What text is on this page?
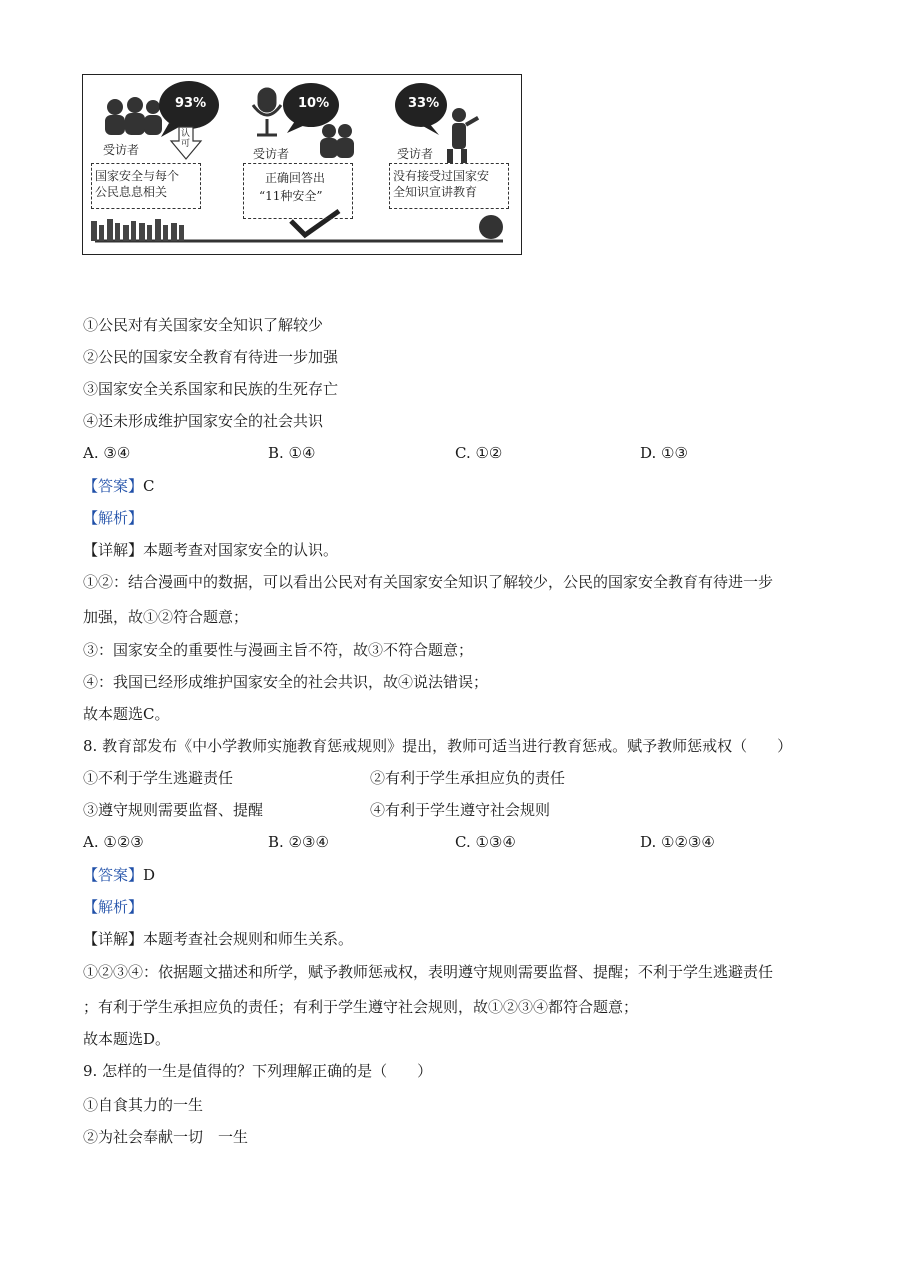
93%	10%	33%
认可
受访者	受访者	受访者
国家安全与每个
公民息息相关
正确回答出
“11种安全”
没有接受过国家安
全知识宣讲教育
①公民对有关国家安全知识了解较少
②公民的国家安全教育有待进一步加强
③国家安全关系国家和民族的生死存亡
④还未形成维护国家安全的社会共识
A. ③④	B. ①④	C. ①②	D. ①③
【答案】C
【解析】
【详解】本题考查对国家安全的认识。
①②：结合漫画中的数据，可以看出公民对有关国家安全知识了解较少，公民的国家安全教育有待进一步
加强，故①②符合题意；
③：国家安全的重要性与漫画主旨不符，故③不符合题意；
④：我国已经形成维护国家安全的社会共识，故④说法错误；
故本题选C。
8. 教育部发布《中小学教师实施教育惩戒规则》提出，教师可适当进行教育惩戒。赋予教师惩戒权（　　）
①不利于学生逃避责任	②有利于学生承担应负的责任
③遵守规则需要监督、提醒	④有利于学生遵守社会规则
A. ①②③	B. ②③④	C. ①③④	D. ①②③④
【答案】D
【解析】
【详解】本题考查社会规则和师生关系。
①②③④：依据题文描述和所学，赋予教师惩戒权，表明遵守规则需要监督、提醒；不利于学生逃避责任
；有利于学生承担应负的责任；有利于学生遵守社会规则，故①②③④都符合题意；
故本题选D。
9. 怎样的一生是值得的？下列理解正确的是（　　）
①自食其力的一生
②为社会奉献一切　一生
